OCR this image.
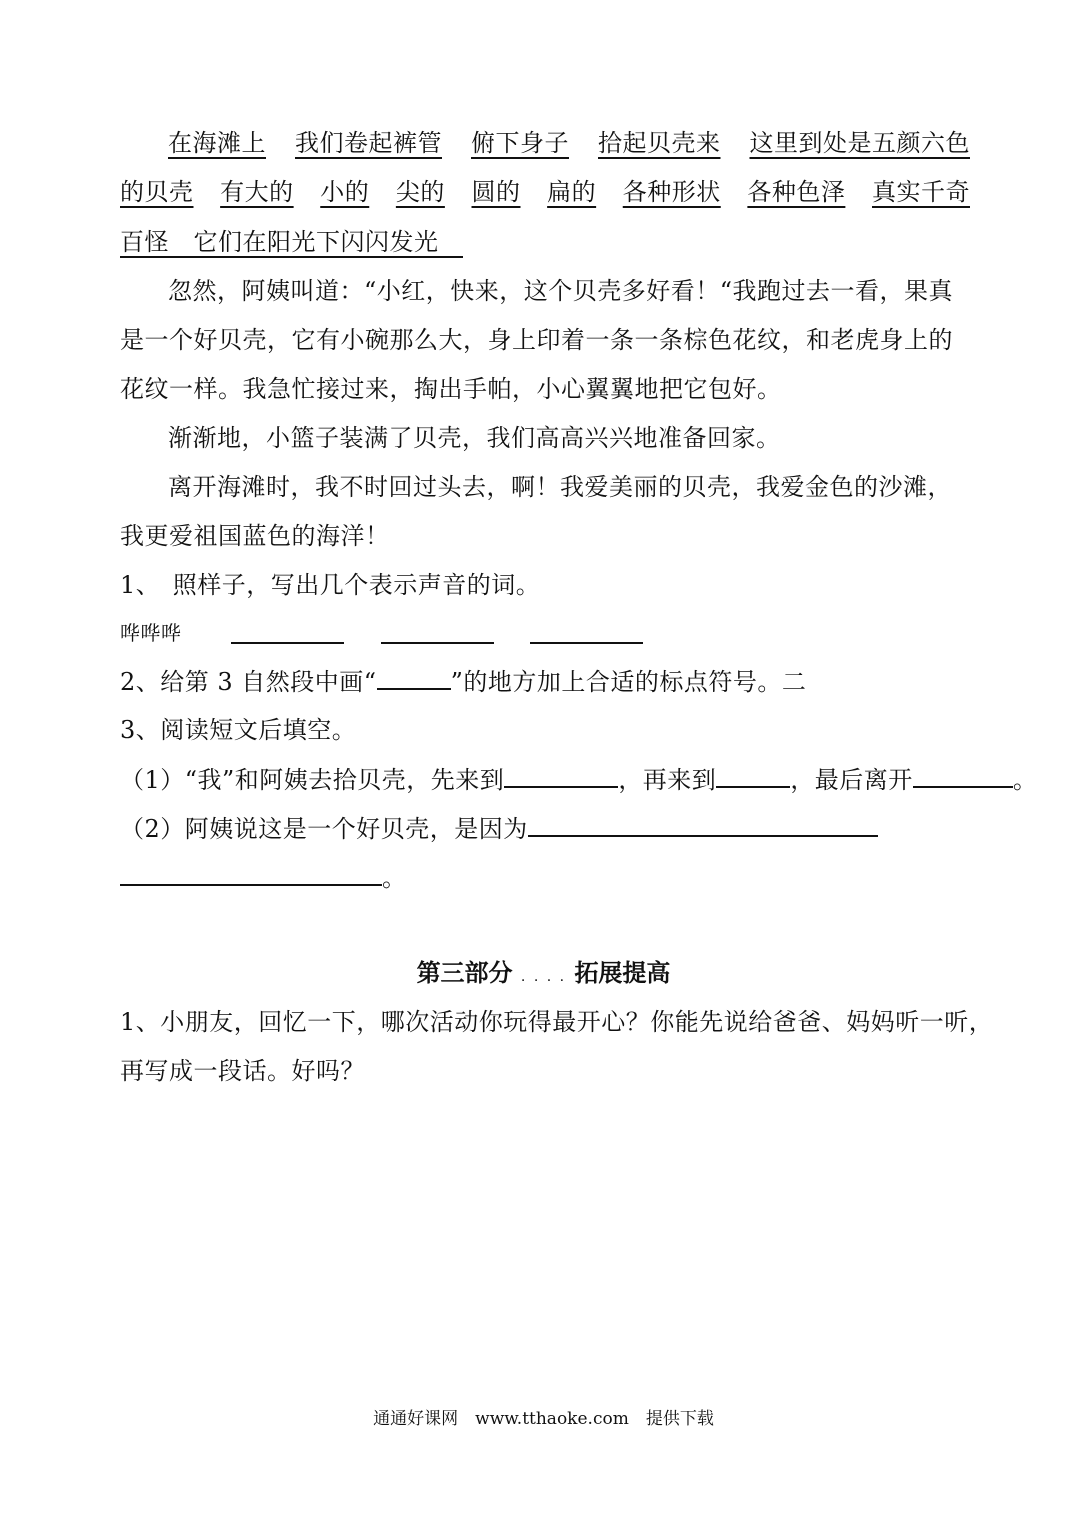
在海滩上 我们卷起裤管 俯下身子 拾起贝壳来 这里到处是五颜六色
的贝壳 有大的 小的 尖的 圆的 扁的 各种形状 各种色泽 真实千奇
百怪　它们在阳光下闪闪发光　
忽然，阿姨叫道：“小红，快来，这个贝壳多好看！“我跑过去一看，果真
是一个好贝壳，它有小碗那么大，身上印着一条一条棕色花纹，和老虎身上的
花纹一样。我急忙接过来，掏出手帕，小心翼翼地把它包好。
渐渐地，小篮子装满了贝壳，我们高高兴兴地准备回家。
离开海滩时，我不时回过头去，啊！我爱美丽的贝壳，我爱金色的沙滩，
我更爱祖国蓝色的海洋！
1、　照样子，写出几个表示声音的词。
哗哗哗
2、给第 3 自然段中画“	”的地方加上合适的标点符号。二
3、阅读短文后填空。
（1）“我”和阿姨去拾贝壳，先来到	，再来到	，最后离开	。
（2）阿姨说这是一个好贝壳，是因为
。
第三部分 . . . . 拓展提高
1、小朋友，回忆一下，哪次活动你玩得最开心？你能先说给爸爸、妈妈听一听，
再写成一段话。好吗？
通通好课网　www.tthaoke.com　提供下载
